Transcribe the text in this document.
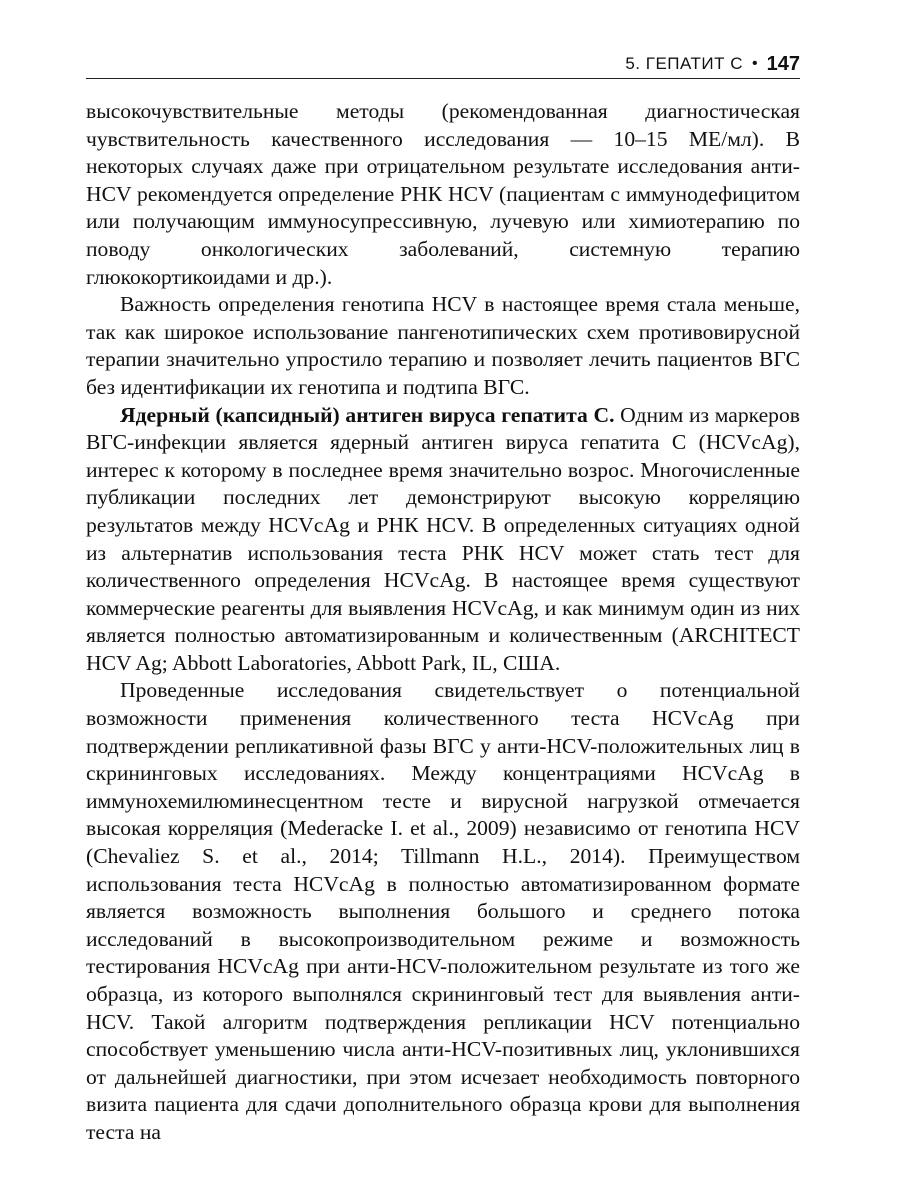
5. ГЕПАТИТ С • 147

высокочувствительные методы (рекомендованная диагностическая чувствительность качественного исследования — 10–15 МЕ/мл). В некоторых случаях даже при отрицательном результате исследования анти-HCV рекомендуется определение РНК HCV (пациентам с иммунодефицитом или получающим иммуносупрессивную, лучевую или химиотерапию по поводу онкологических заболеваний, системную терапию глюкокортикоидами и др.).

Важность определения генотипа HCV в настоящее время стала меньше, так как широкое использование пангенотипических схем противовирусной терапии значительно упростило терапию и позволяет лечить пациентов ВГС без идентификации их генотипа и подтипа ВГС.

Ядерный (капсидный) антиген вируса гепатита С. Одним из маркеров ВГС-инфекции является ядерный антиген вируса гепатита С (HCVcAg), интерес к которому в последнее время значительно возрос. Многочисленные публикации последних лет демонстрируют высокую корреляцию результатов между HCVcAg и РНК HCV. В определенных ситуациях одной из альтернатив использования теста РНК HCV может стать тест для количественного определения HCVcAg. В настоящее время существуют коммерческие реагенты для выявления HCVcAg, и как минимум один из них является полностью автоматизированным и количественным (ARCHITECT HCV Ag; Abbott Laboratories, Abbott Park, IL, США.

Проведенные исследования свидетельствует о потенциальной возможности применения количественного теста HCVcAg при подтверждении репликативной фазы ВГС у анти-HCV-положительных лиц в скрининговых исследованиях. Между концентрациями HCVcAg в иммунохемилюминесцентном тесте и вирусной нагрузкой отмечается высокая корреляция (Mederacke I. et al., 2009) независимо от генотипа HCV (Chevaliez S. et al., 2014; Tillmann H.L., 2014). Преимуществом использования теста HCVcAg в полностью автоматизированном формате является возможность выполнения большого и среднего потока исследований в высокопроизводительном режиме и возможность тестирования HCVcAg при анти-HCV-положительном результате из того же образца, из которого выполнялся скрининговый тест для выявления анти-HCV. Такой алгоритм подтверждения репликации HCV потенциально способствует уменьшению числа анти-HCV-позитивных лиц, уклонившихся от дальнейшей диагностики, при этом исчезает необходимость повторного визита пациента для сдачи дополнительного образца крови для выполнения теста на
